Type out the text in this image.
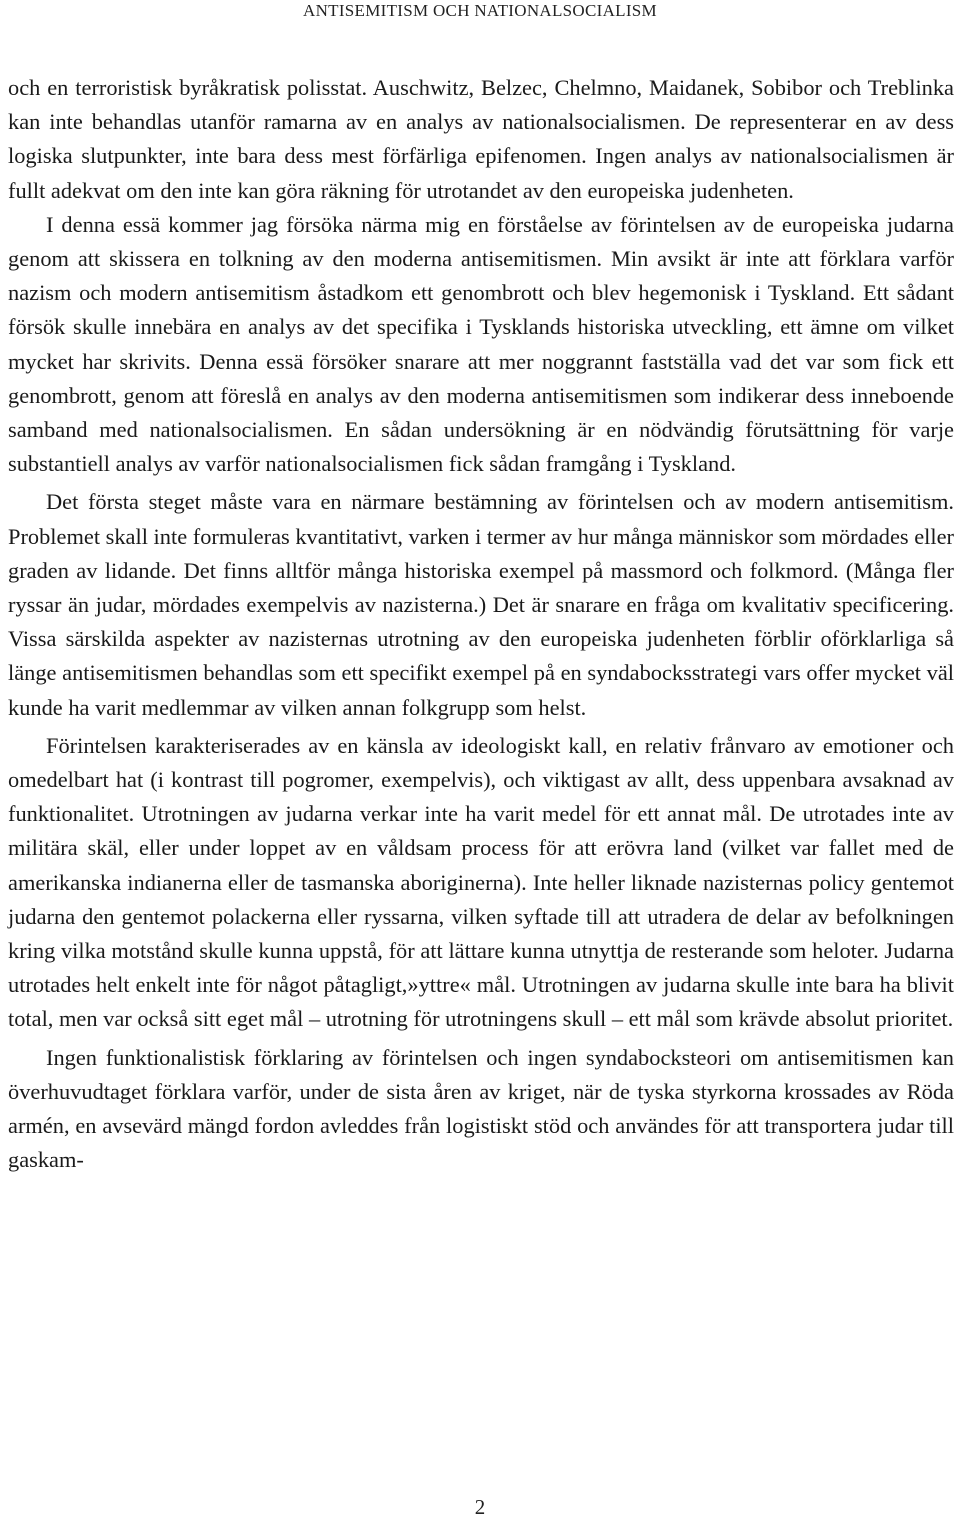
ANTISEMITISM OCH NATIONALSOCIALISM

och en terroristisk byråkratisk polisstat. Auschwitz, Belzec, Chelmno, Maidanek, Sobibor och Treblinka kan inte behandlas utanför ramarna av en analys av nationalsocialismen. De representerar en av dess logiska slutpunkter, inte bara dess mest förfärliga epifenomen. Ingen analys av nationalsocialismen är fullt adekvat om den inte kan göra räkning för utrotandet av den europeiska judenheten.

I denna essä kommer jag försöka närma mig en förståelse av förintelsen av de europeiska judarna genom att skissera en tolkning av den moderna antisemitismen. Min avsikt är inte att förklara varför nazism och modern antisemitism åstadkom ett genombrott och blev hegemonisk i Tyskland. Ett sådant försök skulle innebära en analys av det specifika i Tysklands historiska utveckling, ett ämne om vilket mycket har skrivits. Denna essä försöker snarare att mer noggrannt fastställa vad det var som fick ett genombrott, genom att föreslå en analys av den moderna antisemitismen som indikerar dess inneboende samband med nationalsocialismen. En sådan undersökning är en nödvändig förutsättning för varje substantiell analys av varför nationalsocialismen fick sådan framgång i Tyskland.

Det första steget måste vara en närmare bestämning av förintelsen och av modern antisemitism. Problemet skall inte formuleras kvantitativt, varken i termer av hur många människor som mördades eller graden av lidande. Det finns alltför många historiska exempel på massmord och folkmord. (Många fler ryssar än judar, mördades exempelvis av nazisterna.) Det är snarare en fråga om kvalitativ specificering. Vissa särskilda aspekter av nazisternas utrotning av den europeiska judenheten förblir oförklarliga så länge antisemitismen behandlas som ett specifikt exempel på en syndabocksstrategi vars offer mycket väl kunde ha varit medlemmar av vilken annan folkgrupp som helst.

Förintelsen karakteriserades av en känsla av ideologiskt kall, en relativ frånvaro av emotioner och omedelbart hat (i kontrast till pogromer, exempelvis), och viktigast av allt, dess uppenbara avsaknad av funktionalitet. Utrotningen av judarna verkar inte ha varit medel för ett annat mål. De utrotades inte av militära skäl, eller under loppet av en våldsam process för att erövra land (vilket var fallet med de amerikanska indianerna eller de tasmanska aboriginerna). Inte heller liknade nazisternas policy gentemot judarna den gentemot polackerna eller ryssarna, vilken syftade till att utradera de delar av befolkningen kring vilka motstånd skulle kunna uppstå, för att lättare kunna utnyttja de resterande som heloter. Judarna utrotades helt enkelt inte för något påtagligt,»yttre« mål. Utrotningen av judarna skulle inte bara ha blivit total, men var också sitt eget mål – utrotning för utrotningens skull – ett mål som krävde absolut prioritet.

Ingen funktionalistisk förklaring av förintelsen och ingen syndabocksteori om antisemitismen kan överhuvudtaget förklara varför, under de sista åren av kriget, när de tyska styrkorna krossades av Röda armén, en avsevärd mängd fordon avleddes från logistiskt stöd och användes för att transportera judar till gaskam-

2
